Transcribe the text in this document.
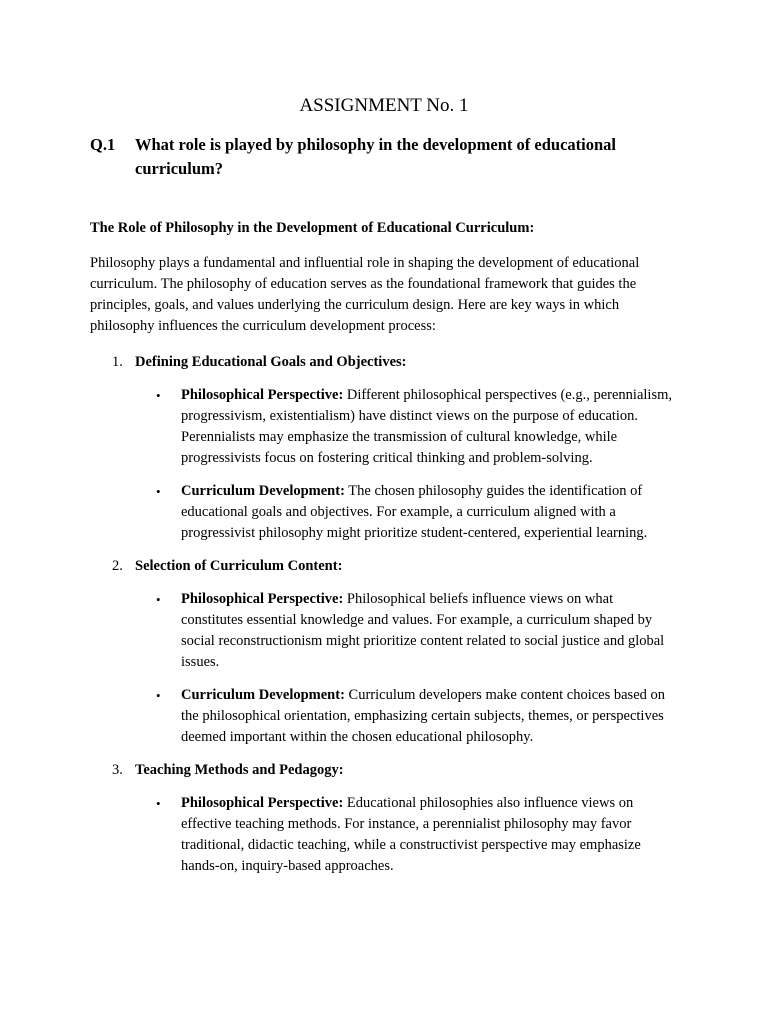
ASSIGNMENT No. 1
Q.1	What role is played by philosophy in the development of educational curriculum?
The Role of Philosophy in the Development of Educational Curriculum:

Philosophy plays a fundamental and influential role in shaping the development of educational curriculum. The philosophy of education serves as the foundational framework that guides the principles, goals, and values underlying the curriculum design. Here are key ways in which philosophy influences the curriculum development process:

1. Defining Educational Goals and Objectives:
•	Philosophical Perspective: Different philosophical perspectives (e.g., perennialism, progressivism, existentialism) have distinct views on the purpose of education. Perennialists may emphasize the transmission of cultural knowledge, while progressivists focus on fostering critical thinking and problem-solving.
•	Curriculum Development: The chosen philosophy guides the identification of educational goals and objectives. For example, a curriculum aligned with a progressivist philosophy might prioritize student-centered, experiential learning.
2. Selection of Curriculum Content:
•	Philosophical Perspective: Philosophical beliefs influence views on what constitutes essential knowledge and values. For example, a curriculum shaped by social reconstructionism might prioritize content related to social justice and global issues.
•	Curriculum Development: Curriculum developers make content choices based on the philosophical orientation, emphasizing certain subjects, themes, or perspectives deemed important within the chosen educational philosophy.
3. Teaching Methods and Pedagogy:
•	Philosophical Perspective: Educational philosophies also influence views on effective teaching methods. For instance, a perennialist philosophy may favor traditional, didactic teaching, while a constructivist perspective may emphasize hands-on, inquiry-based approaches.
